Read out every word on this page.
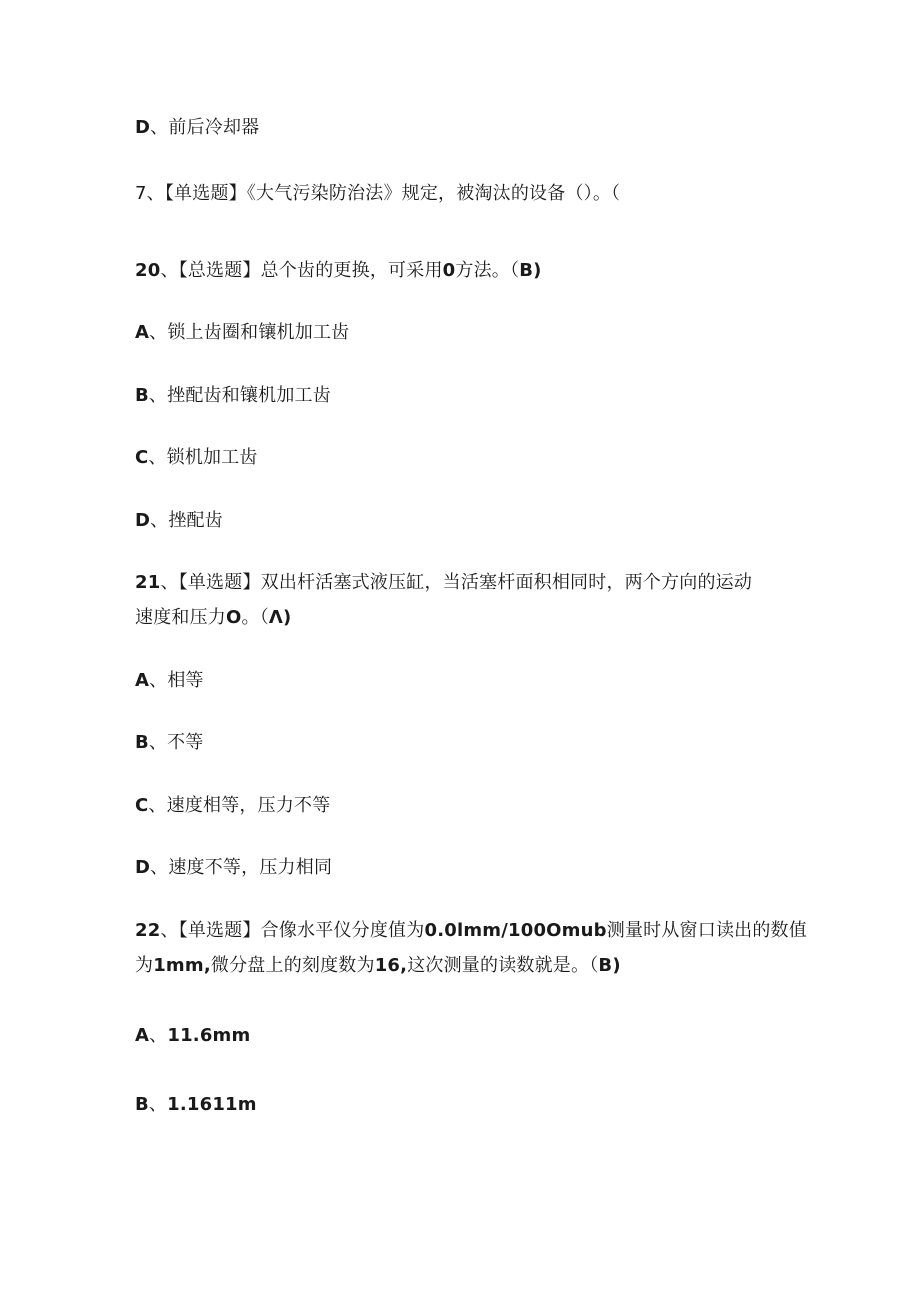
D、前后冷却器
7、【单选题】《大气污染防治法》规定，被淘汰的设备（）。（
20、【总选题】总个齿的更换，可采用0方法。（B)
A、锁上齿圈和镶机加工齿
B、挫配齿和镶机加工齿
C、锁机加工齿
D、挫配齿
21、【单选题】双出杆活塞式液压缸，当活塞杆面积相同时，两个方向的运动
速度和压力O。（Λ)
A、相等
B、不等
C、速度相等，压力不等
D、速度不等，压力相同
22、【单选题】合像水平仪分度值为0.0lmm/100Omub测量时从窗口读出的数值
为1mm,微分盘上的刻度数为16,这次测量的读数就是。（B)
A、11.6mm
B、1.1611m
